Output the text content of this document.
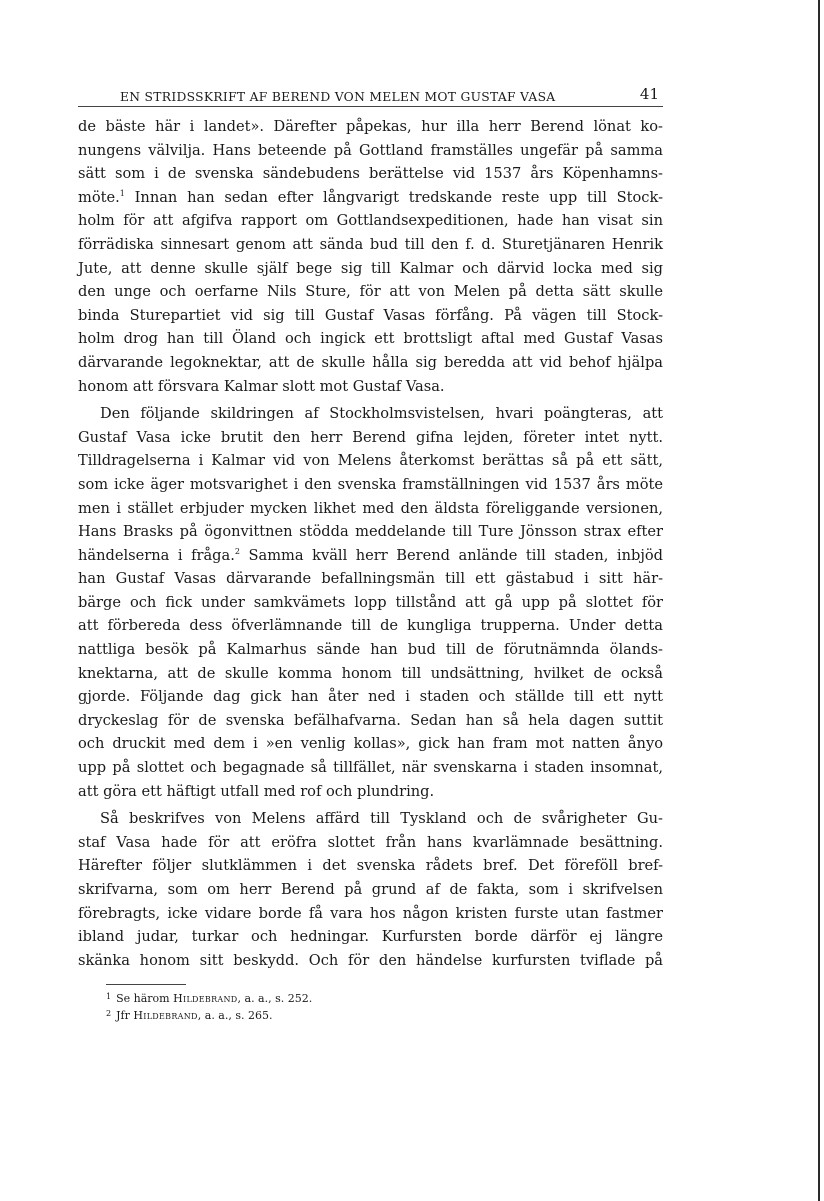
EN STRIDSSKRIFT AF BEREND VON MELEN MOT GUSTAF VASA	41
de bäste här i landet». Därefter påpekas, hur illa herr Berend lönat ko-
nungens välvilja. Hans beteende på Gottland framställes ungefär på samma
sätt som i de svenska sändebudens berättelse vid 1537 års Köpenhamns-
möte.$^1$ Innan han sedan efter långvarigt tredskande reste upp till Stock-
holm för att afgifva rapport om Gottlandsexpeditionen, hade han visat sin
förrädiska sinnesart genom att sända bud till den f. d. Sturetjänaren Henrik
Jute, att denne skulle själf bege sig till Kalmar och därvid locka med sig
den unge och oerfarne Nils Sture, för att von Melen på detta sätt skulle
binda Sturepartiet vid sig till Gustaf Vasas förfång. På vägen till Stock-
holm drog han till Öland och ingick ett brottsligt aftal med Gustaf Vasas
därvarande legoknektar, att de skulle hålla sig beredda att vid behof hjälpa
honom att försvara Kalmar slott mot Gustaf Vasa.
Den följande skildringen af Stockholmsvistelsen, hvari poängteras, att
Gustaf Vasa icke brutit den herr Berend gifna lejden, företer intet nytt.
Tilldragelserna i Kalmar vid von Melens återkomst berättas så på ett sätt,
som icke äger motsvarighet i den svenska framställningen vid 1537 års möte
men i stället erbjuder mycken likhet med den äldsta föreliggande versionen,
Hans Brasks på ögonvittnen stödda meddelande till Ture Jönsson strax efter
händelserna i fråga.$^2$ Samma kväll herr Berend anlände till staden, inbjöd
han Gustaf Vasas därvarande befallningsmän till ett gästabud i sitt här-
bärge och fick under samkvämets lopp tillstånd att gå upp på slottet för
att förbereda dess öfverlämnande till de kungliga trupperna. Under detta
nattliga besök på Kalmarhus sände han bud till de förutnämnda ölands-
knektarna, att de skulle komma honom till undsättning, hvilket de också
gjorde. Följande dag gick han åter ned i staden och ställde till ett nytt
dryckeslag för de svenska befälhafvarna. Sedan han så hela dagen suttit
och druckit med dem i »en venlig kollas», gick han fram mot natten ånyo
upp på slottet och begagnade så tillfället, när svenskarna i staden insomnat,
att göra ett häftigt utfall med rof och plundring.
Så beskrifves von Melens affärd till Tyskland och de svårigheter Gu-
staf Vasa hade för att eröfra slottet från hans kvarlämnade besättning.
Härefter följer slutklämmen i det svenska rådets bref. Det föreföll bref-
skrifvarna, som om herr Berend på grund af de fakta, som i skrifvelsen
förebragts, icke vidare borde få vara hos någon kristen furste utan fastmer
ibland judar, turkar och hedningar. Kurfursten borde därför ej längre
skänka honom sitt beskydd. Och för den händelse kurfursten tviflade på
$^1$ Se härom Hildebrand, a. a., s. 252.
$^2$ Jfr Hildebrand, a. a., s. 265.
